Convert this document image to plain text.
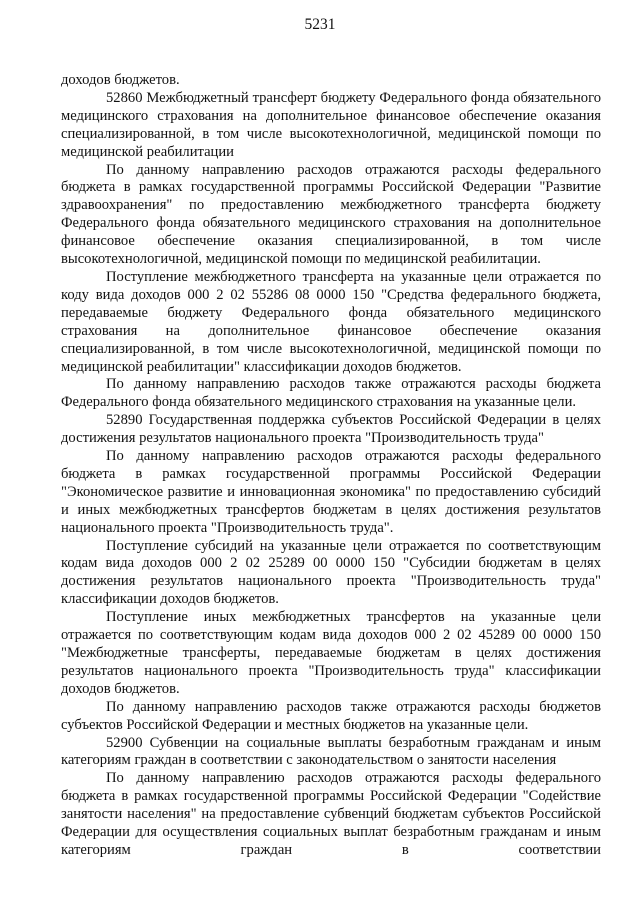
5231

доходов бюджетов.

52860 Межбюджетный трансферт бюджету Федерального фонда обязательного медицинского страхования на дополнительное финансовое обеспечение оказания специализированной, в том числе высокотехнологичной, медицинской помощи по медицинской реабилитации

По данному направлению расходов отражаются расходы федерального бюджета в рамках государственной программы Российской Федерации "Развитие здравоохранения" по предоставлению межбюджетного трансферта бюджету Федерального фонда обязательного медицинского страхования на дополнительное финансовое обеспечение оказания специализированной, в том числе высокотехнологичной, медицинской помощи по медицинской реабилитации.

Поступление межбюджетного трансферта на указанные цели отражается по коду вида доходов 000 2 02 55286 08 0000 150 "Средства федерального бюджета, передаваемые бюджету Федерального фонда обязательного медицинского страхования на дополнительное финансовое обеспечение оказания специализированной, в том числе высокотехнологичной, медицинской помощи по медицинской реабилитации" классификации доходов бюджетов.

По данному направлению расходов также отражаются расходы бюджета Федерального фонда обязательного медицинского страхования на указанные цели.

52890 Государственная поддержка субъектов Российской Федерации в целях достижения результатов национального проекта "Производительность труда"

По данному направлению расходов отражаются расходы федерального бюджета в рамках государственной программы Российской Федерации "Экономическое развитие и инновационная экономика" по предоставлению субсидий и иных межбюджетных трансфертов бюджетам в целях достижения результатов национального проекта "Производительность труда".

Поступление субсидий на указанные цели отражается по соответствующим кодам вида доходов 000 2 02 25289 00 0000 150 "Субсидии бюджетам в целях достижения результатов национального проекта "Производительность труда" классификации доходов бюджетов.

Поступление иных межбюджетных трансфертов на указанные цели отражается по соответствующим кодам вида доходов 000 2 02 45289 00 0000 150 "Межбюджетные трансферты, передаваемые бюджетам в целях достижения результатов национального проекта "Производительность труда" классификации доходов бюджетов.

По данному направлению расходов также отражаются расходы бюджетов субъектов Российской Федерации и местных бюджетов на указанные цели.

52900 Субвенции на социальные выплаты безработным гражданам и иным категориям граждан в соответствии с законодательством о занятости населения

По данному направлению расходов отражаются расходы федерального бюджета в рамках государственной программы Российской Федерации "Содействие занятости населения" на предоставление субвенций бюджетам субъектов Российской Федерации для осуществления социальных выплат безработным гражданам и иным категориям граждан в соответствии
